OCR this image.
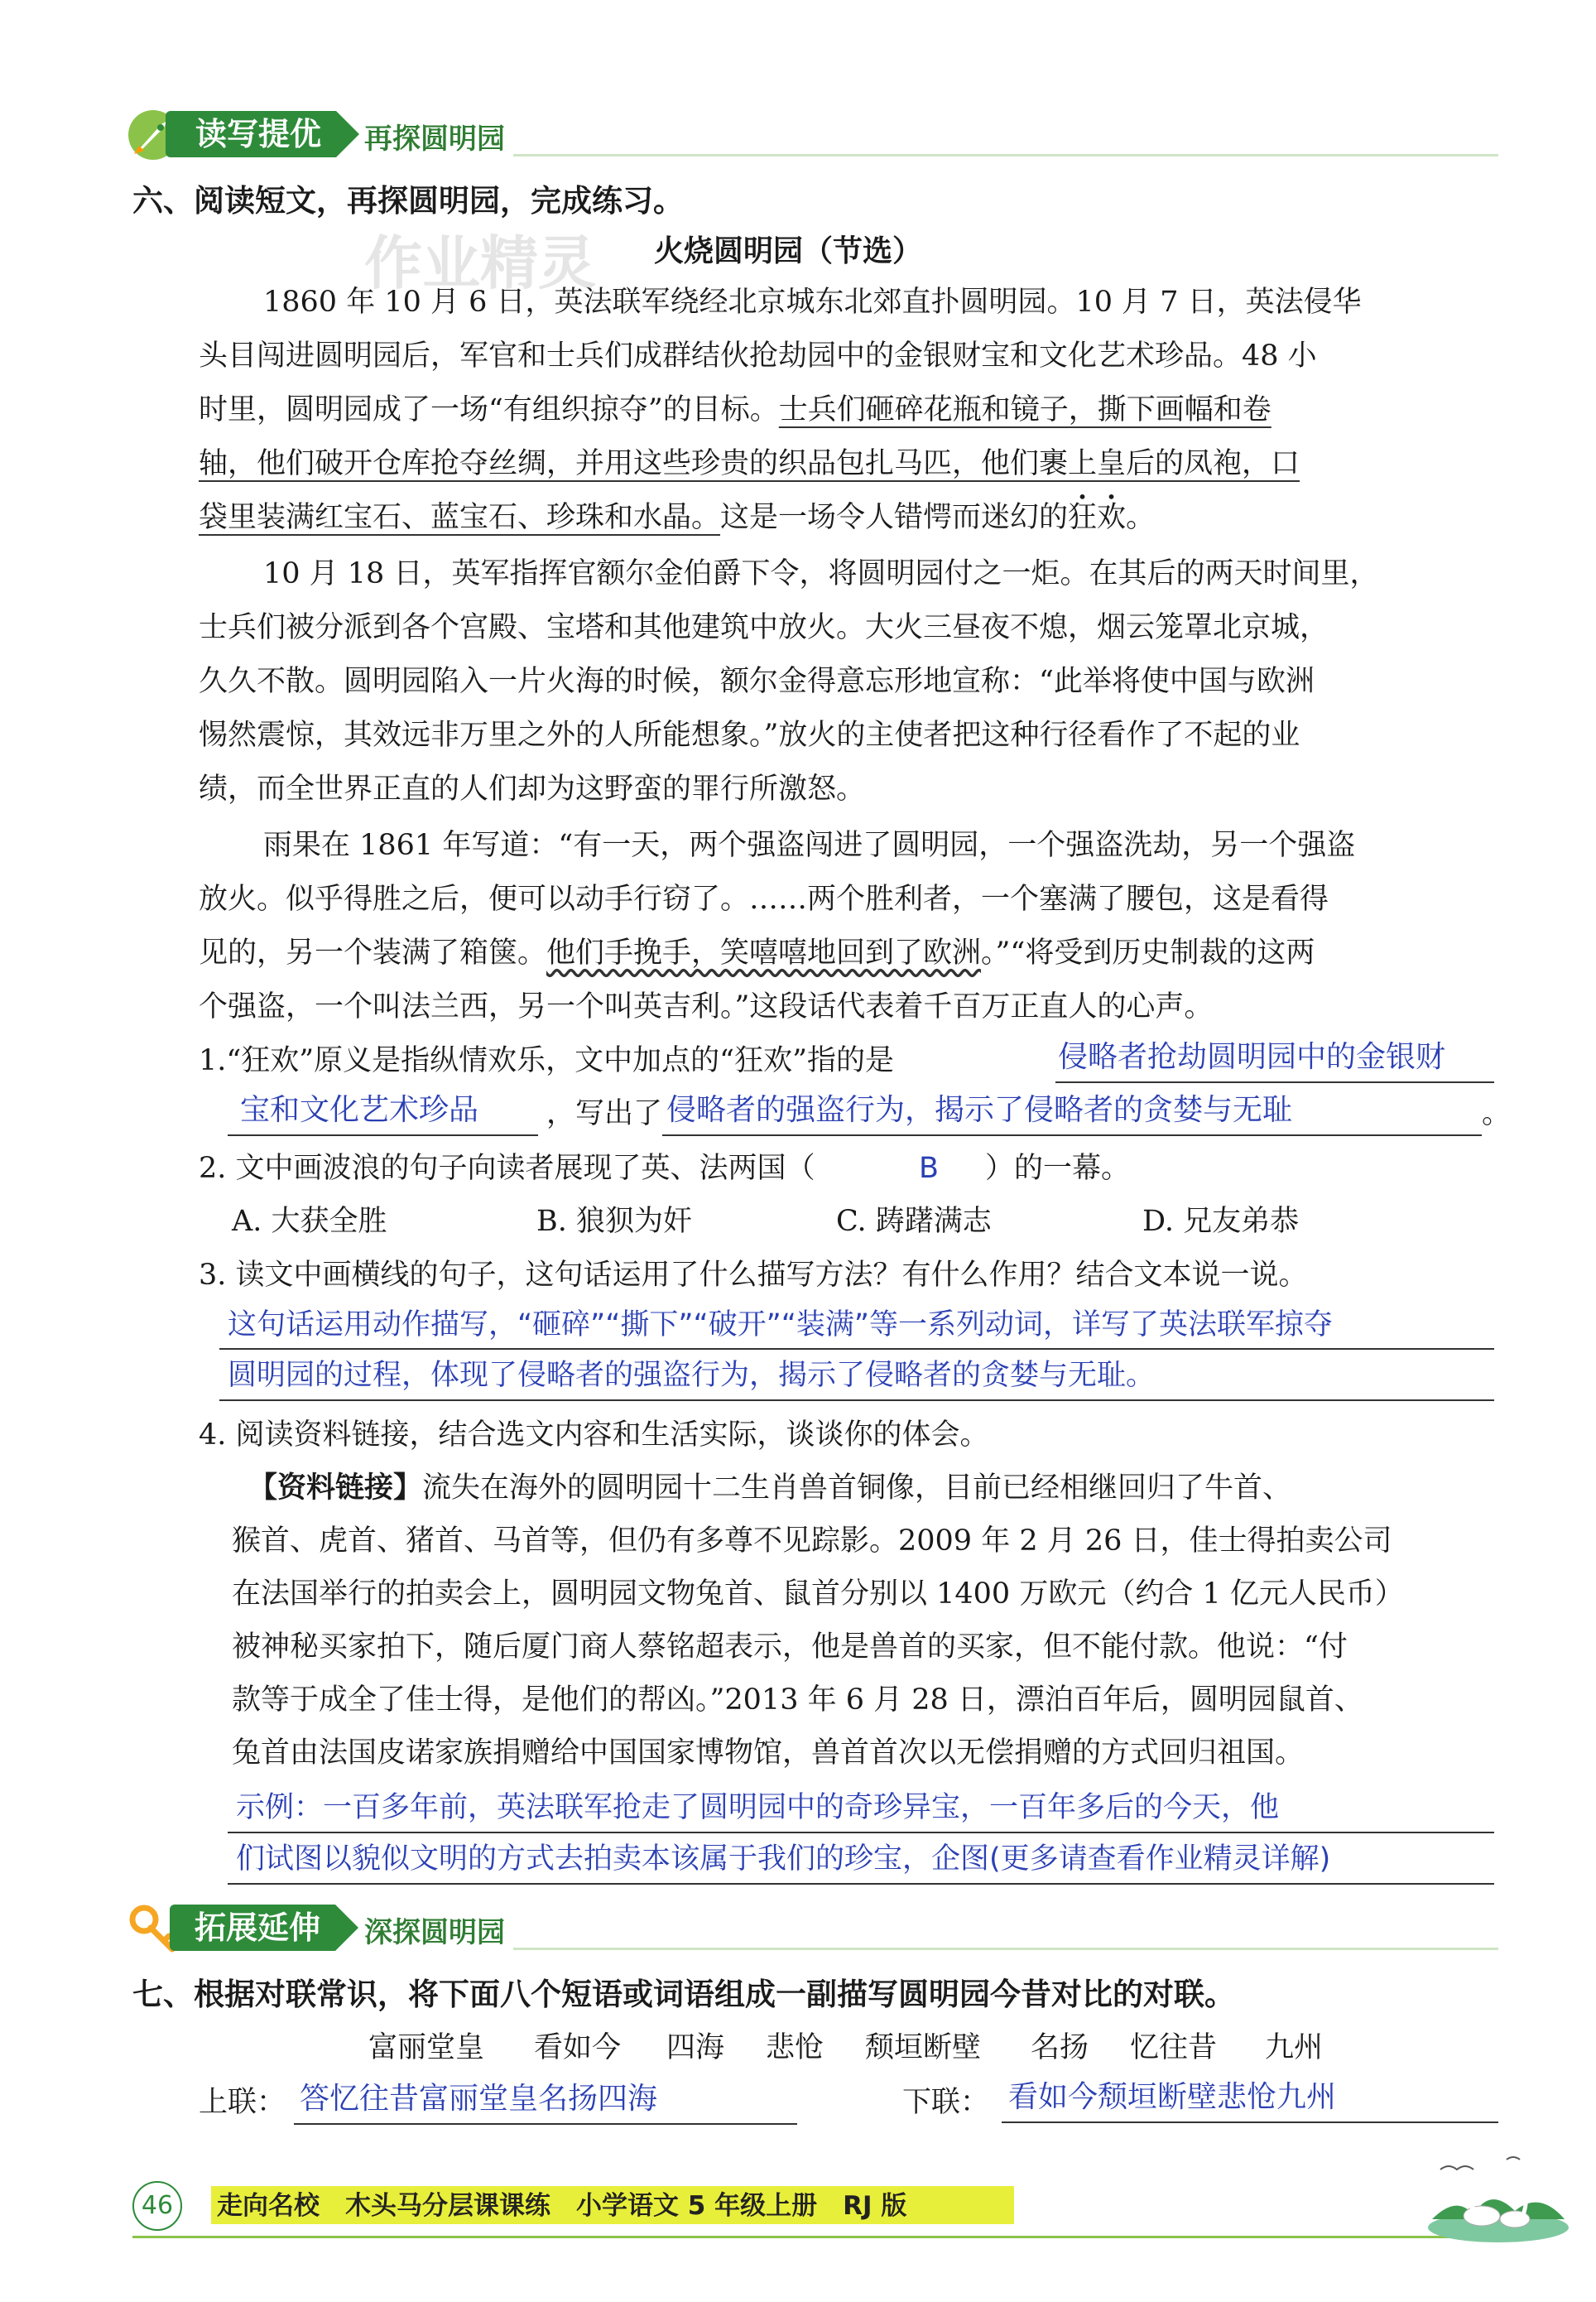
读写提优	再探圆明园
六、阅读短文，再探圆明园，完成练习。
作业精灵 火烧圆明园（节选）
1860 年 10 月 6 日，英法联军绕经北京城东北郊直扑圆明园。10 月 7 日，英法侵华
头目闯进圆明园后，军官和士兵们成群结伙抢劫园中的金银财宝和文化艺术珍品。48 小
时里，圆明园成了一场“有组织掠夺”的目标。士兵们砸碎花瓶和镜子，撕下画幅和卷
轴，他们破开仓库抢夺丝绸，并用这些珍贵的织品包扎马匹，他们裹上皇后的凤袍，口
袋里装满红宝石、蓝宝石、珍珠和水晶。这是一场令人错愕而迷幻的狂欢。
10 月 18 日，英军指挥官额尔金伯爵下令，将圆明园付之一炬。在其后的两天时间里，
士兵们被分派到各个宫殿、宝塔和其他建筑中放火。大火三昼夜不熄，烟云笼罩北京城，
久久不散。圆明园陷入一片火海的时候，额尔金得意忘形地宣称：“此举将使中国与欧洲
惕然震惊，其效远非万里之外的人所能想象。”放火的主使者把这种行径看作了不起的业
绩，而全世界正直的人们却为这野蛮的罪行所激怒。
雨果在 1861 年写道：“有一天，两个强盗闯进了圆明园，一个强盗洗劫，另一个强盗
放火。似乎得胜之后，便可以动手行窃了。……两个胜利者，一个塞满了腰包，这是看得
见的，另一个装满了箱箧。他们手挽手，笑嘻嘻地回到了欧洲。”“将受到历史制裁的这两
个强盗，一个叫法兰西，另一个叫英吉利。”这段话代表着千百万正直人的心声。
1.“狂欢”原义是指纵情欢乐，文中加点的“狂欢”指的是	侵略者抢劫圆明园中的金银财
宝和文化艺术珍品 ，写出了 侵略者的强盗行为，揭示了侵略者的贪婪与无耻	。
2. 文中画波浪的句子向读者展现了英、法两国（	B ）的一幕。
A. 大获全胜	B. 狼狈为奸	C. 踌躇满志	D. 兄友弟恭
3. 读文中画横线的句子，这句话运用了什么描写方法？有什么作用？结合文本说一说。
这句话运用动作描写，“砸碎”“撕下”“破开”“装满”等一系列动词，详写了英法联军掠夺
圆明园的过程，体现了侵略者的强盗行为，揭示了侵略者的贪婪与无耻。
4. 阅读资料链接，结合选文内容和生活实际，谈谈你的体会。
【资料链接】流失在海外的圆明园十二生肖兽首铜像，目前已经相继回归了牛首、
猴首、虎首、猪首、马首等，但仍有多尊不见踪影。2009 年 2 月 26 日，佳士得拍卖公司
在法国举行的拍卖会上，圆明园文物兔首、鼠首分别以 1400 万欧元（约合 1 亿元人民币）
被神秘买家拍下，随后厦门商人蔡铭超表示，他是兽首的买家，但不能付款。他说：“付
款等于成全了佳士得，是他们的帮凶。”2013 年 6 月 28 日，漂泊百年后，圆明园鼠首、
兔首由法国皮诺家族捐赠给中国国家博物馆，兽首首次以无偿捐赠的方式回归祖国。
示例：一百多年前，英法联军抢走了圆明园中的奇珍异宝，一百年多后的今天，他
们试图以貌似文明的方式去拍卖本该属于我们的珍宝，企图(更多请查看作业精灵详解)
拓展延伸	深探圆明园
七、根据对联常识，将下面八个短语或词语组成一副描写圆明园今昔对比的对联。
富丽堂皇 看如今 四海 悲怆 颓垣断壁 名扬 忆往昔 九州
上联： 答忆往昔富丽堂皇名扬四海	下联： 看如今颓垣断壁悲怆九州
46	走向名校　木头马分层课课练　小学语文 5 年级上册　RJ 版
